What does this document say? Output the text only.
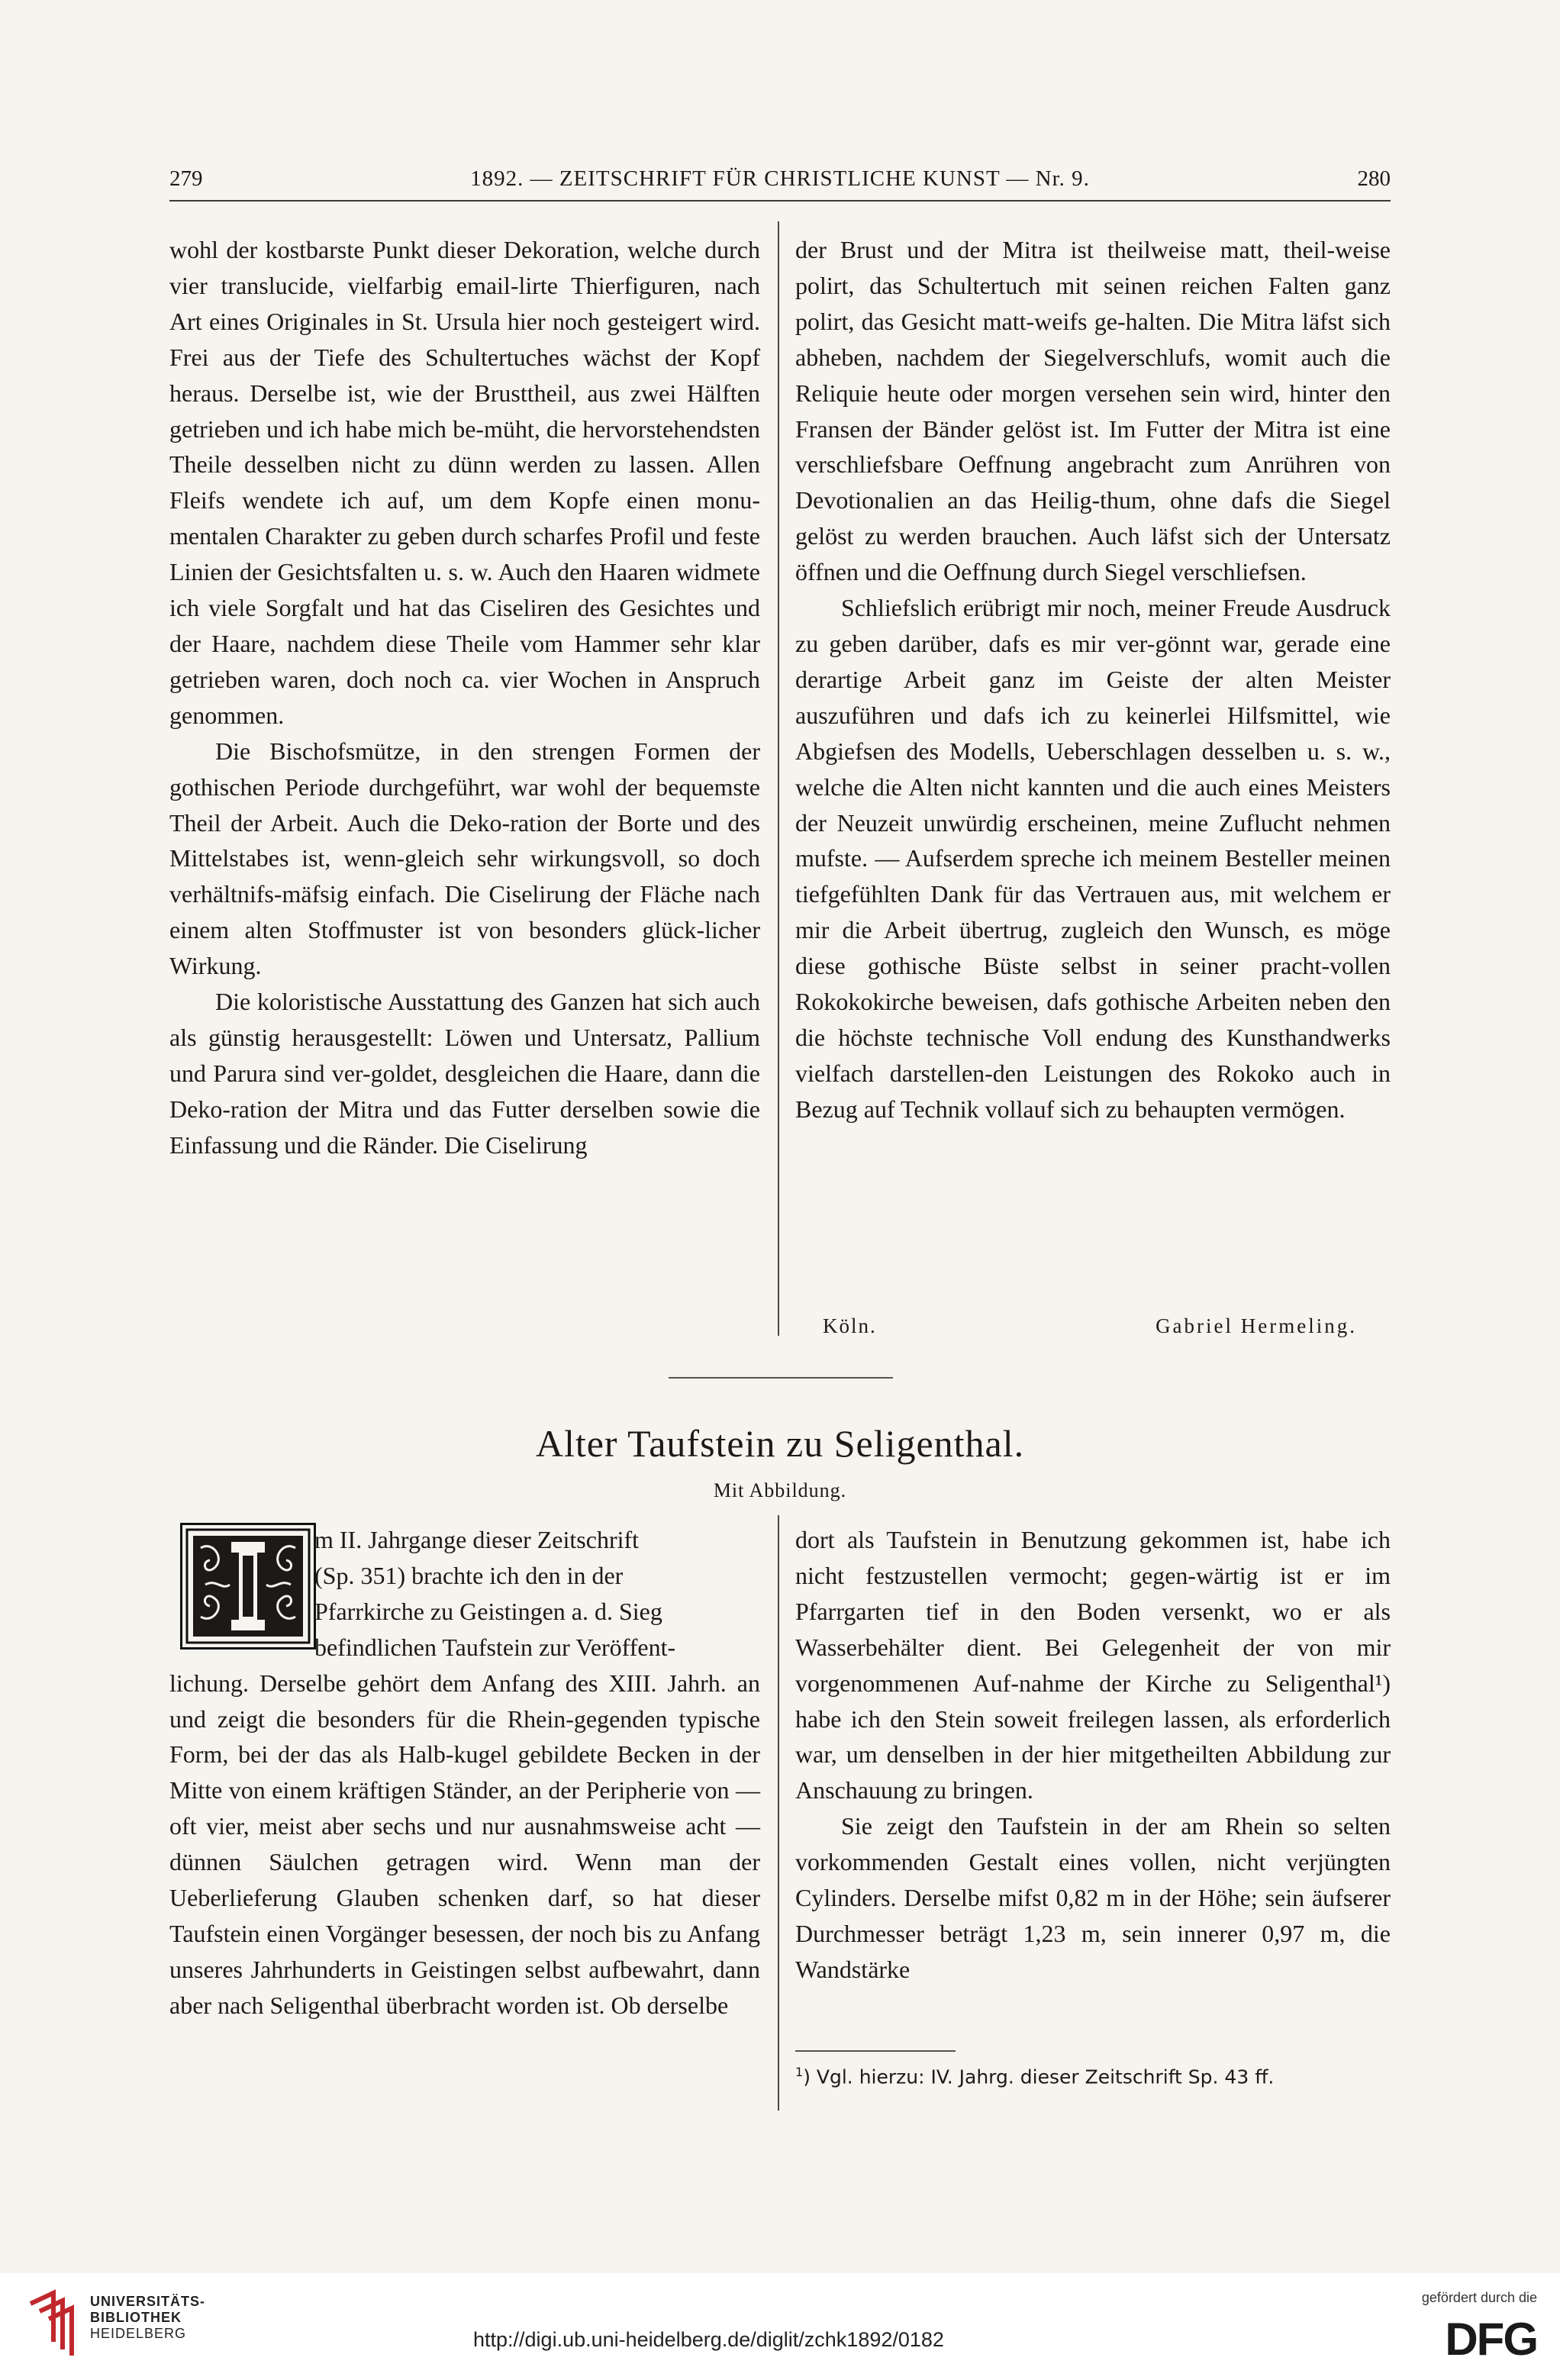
279	1892. — ZEITSCHRIFT FÜR CHRISTLICHE KUNST — Nr. 9.	280

wohl der kostbarste Punkt dieser Dekoration, welche durch vier translucide, vielfarbig email-lirte Thierfiguren, nach Art eines Originales in St. Ursula hier noch gesteigert wird. Frei aus der Tiefe des Schultertuches wächst der Kopf heraus. Derselbe ist, wie der Brusttheil, aus zwei Hälften getrieben und ich habe mich be-müht, die hervorstehendsten Theile desselben nicht zu dünn werden zu lassen. Allen Fleifs wendete ich auf, um dem Kopfe einen monu-mentalen Charakter zu geben durch scharfes Profil und feste Linien der Gesichtsfalten u. s. w. Auch den Haaren widmete ich viele Sorgfalt und hat das Ciseliren des Gesichtes und der Haare, nachdem diese Theile vom Hammer sehr klar getrieben waren, doch noch ca. vier Wochen in Anspruch genommen.

Die Bischofsmütze, in den strengen Formen der gothischen Periode durchgeführt, war wohl der bequemste Theil der Arbeit. Auch die Deko-ration der Borte und des Mittelstabes ist, wenn-gleich sehr wirkungsvoll, so doch verhältnifs-mäfsig einfach. Die Ciselirung der Fläche nach einem alten Stoffmuster ist von besonders glück-licher Wirkung.

Die koloristische Ausstattung des Ganzen hat sich auch als günstig herausgestellt: Löwen und Untersatz, Pallium und Parura sind ver-goldet, desgleichen die Haare, dann die Deko-ration der Mitra und das Futter derselben sowie die Einfassung und die Ränder. Die Ciselirung

der Brust und der Mitra ist theilweise matt, theil-weise polirt, das Schultertuch mit seinen reichen Falten ganz polirt, das Gesicht matt-weifs ge-halten. Die Mitra läfst sich abheben, nachdem der Siegelverschlufs, womit auch die Reliquie heute oder morgen versehen sein wird, hinter den Fransen der Bänder gelöst ist. Im Futter der Mitra ist eine verschliefsbare Oeffnung angebracht zum Anrühren von Devotionalien an das Heilig-thum, ohne dafs die Siegel gelöst zu werden brauchen. Auch läfst sich der Untersatz öffnen und die Oeffnung durch Siegel verschliefsen.

Schliefslich erübrigt mir noch, meiner Freude Ausdruck zu geben darüber, dafs es mir ver-gönnt war, gerade eine derartige Arbeit ganz im Geiste der alten Meister auszuführen und dafs ich zu keinerlei Hilfsmittel, wie Abgiefsen des Modells, Ueberschlagen desselben u. s. w., welche die Alten nicht kannten und die auch eines Meisters der Neuzeit unwürdig erscheinen, meine Zuflucht nehmen mufste. — Aufserdem spreche ich meinem Besteller meinen tiefgefühlten Dank für das Vertrauen aus, mit welchem er mir die Arbeit übertrug, zugleich den Wunsch, es möge diese gothische Büste selbst in seiner pracht-vollen Rokokokirche beweisen, dafs gothische Arbeiten neben den die höchste technische Voll endung des Kunsthandwerks vielfach darstellen-den Leistungen des Rokoko auch in Bezug auf Technik vollauf sich zu behaupten vermögen.

Köln.	Gabriel Hermeling.
Alter Taufstein zu Seligenthal.
Mit Abbildung.
m II. Jahrgange dieser Zeitschrift
(Sp. 351) brachte ich den in der
Pfarrkirche zu Geistingen a. d. Sieg
befindlichen Taufstein zur Veröffent-

lichung. Derselbe gehört dem Anfang des XIII. Jahrh. an und zeigt die besonders für die Rhein-gegenden typische Form, bei der das als Halb-kugel gebildete Becken in der Mitte von einem kräftigen Ständer, an der Peripherie von — oft vier, meist aber sechs und nur ausnahmsweise acht — dünnen Säulchen getragen wird. Wenn man der Ueberlieferung Glauben schenken darf, so hat dieser Taufstein einen Vorgänger besessen, der noch bis zu Anfang unseres Jahrhunderts in Geistingen selbst aufbewahrt, dann aber nach Seligenthal überbracht worden ist. Ob derselbe

dort als Taufstein in Benutzung gekommen ist, habe ich nicht festzustellen vermocht; gegen-wärtig ist er im Pfarrgarten tief in den Boden versenkt, wo er als Wasserbehälter dient. Bei Gelegenheit der von mir vorgenommenen Auf-nahme der Kirche zu Seligenthal¹) habe ich den Stein soweit freilegen lassen, als erforderlich war, um denselben in der hier mitgetheilten Abbildung zur Anschauung zu bringen.

Sie zeigt den Taufstein in der am Rhein so selten vorkommenden Gestalt eines vollen, nicht verjüngten Cylinders. Derselbe mifst 0,82 m in der Höhe; sein äufserer Durchmesser beträgt 1,23 m, sein innerer 0,97 m, die Wandstärke

$^1$) Vgl. hierzu: IV. Jahrg. dieser Zeitschrift Sp. 43 ff.
UNIVERSITÄTS-
BIBLIOTHEK
HEIDELBERG	http://digi.ub.uni-heidelberg.de/diglit/zchk1892/0182
gefördert durch die
DFG
